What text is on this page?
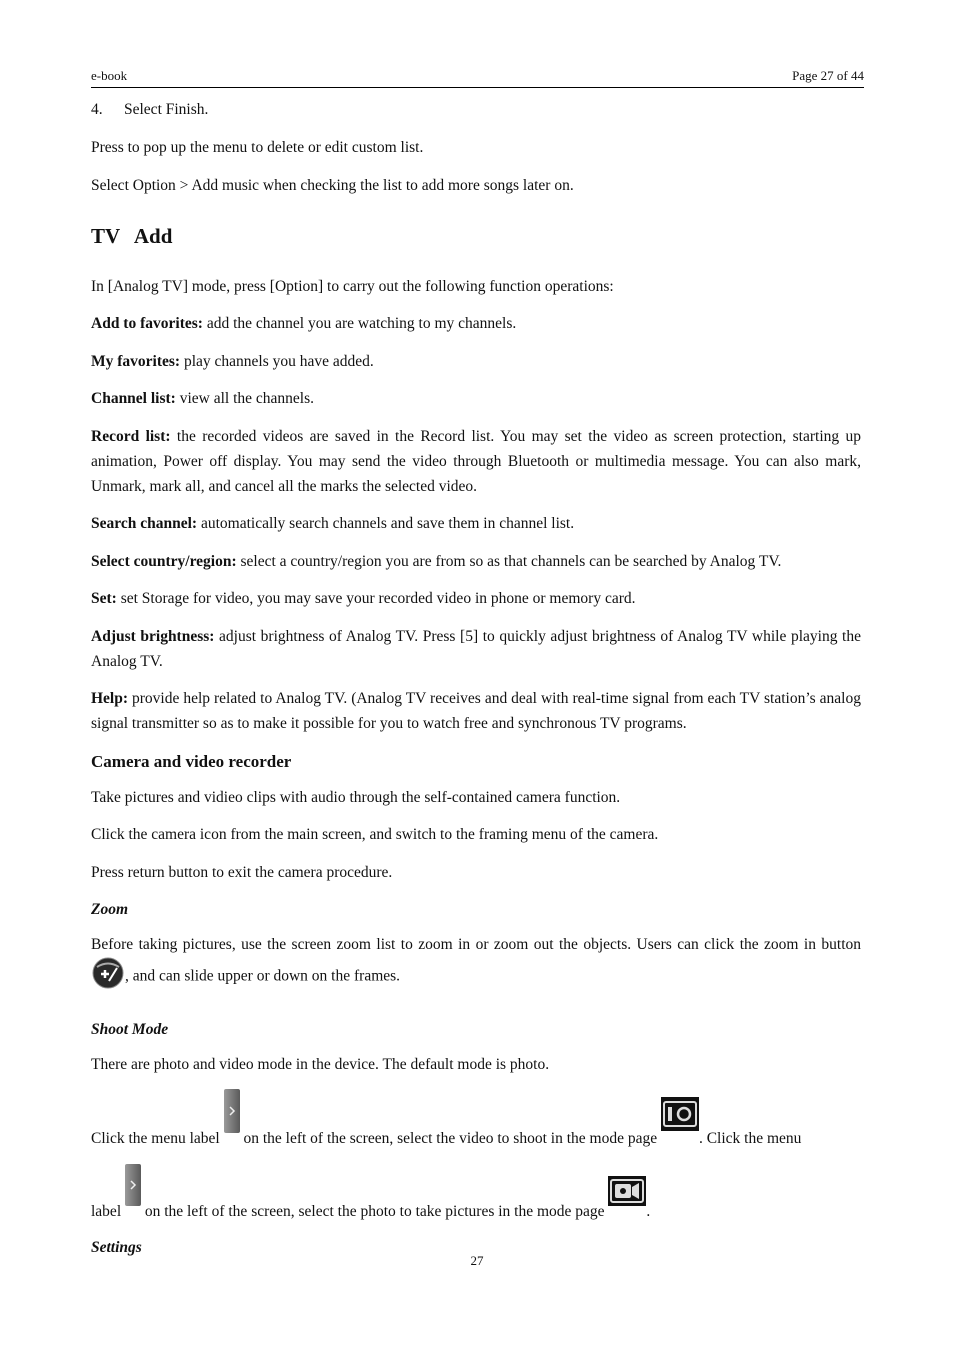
e-book	Page 27 of 44

4. Select Finish.

Press to pop up the menu to delete or edit custom list.

Select Option > Add music when checking the list to add more songs later on.

TV Add

In [Analog TV] mode, press [Option] to carry out the following function operations:

Add to favorites: add the channel you are watching to my channels.

My favorites: play channels you have added.

Channel list: view all the channels.

Record list: the recorded videos are saved in the Record list. You may set the video as screen protection, starting up animation, Power off display. You may send the video through Bluetooth or multimedia message. You can also mark, Unmark, mark all, and cancel all the marks the selected video.

Search channel: automatically search channels and save them in channel list.

Select country/region: select a country/region you are from so as that channels can be searched by Analog TV.

Set: set Storage for video, you may save your recorded video in phone or memory card.

Adjust brightness: adjust brightness of Analog TV. Press [5] to quickly adjust brightness of Analog TV while playing the Analog TV.

Help: provide help related to Analog TV. (Analog TV receives and deal with real-time signal from each TV station’s analog signal transmitter so as to make it possible for you to watch free and synchronous TV programs.

Camera and video recorder

Take pictures and vidieo clips with audio through the self-contained camera function.

Click the camera icon from the main screen, and switch to the framing menu of the camera.

Press return button to exit the camera procedure.

Zoom

Before taking pictures, use the screen zoom list to zoom in or zoom out the objects. Users can click the zoom in button , and can slide upper or down on the frames.

Shoot Mode

There are photo and video mode in the device. The default mode is photo.

Click the menu label  on the left of the screen, select the video to shoot in the mode page . Click the menu

label  on the left of the screen, select the photo to take pictures in the mode page .

Settings
27
